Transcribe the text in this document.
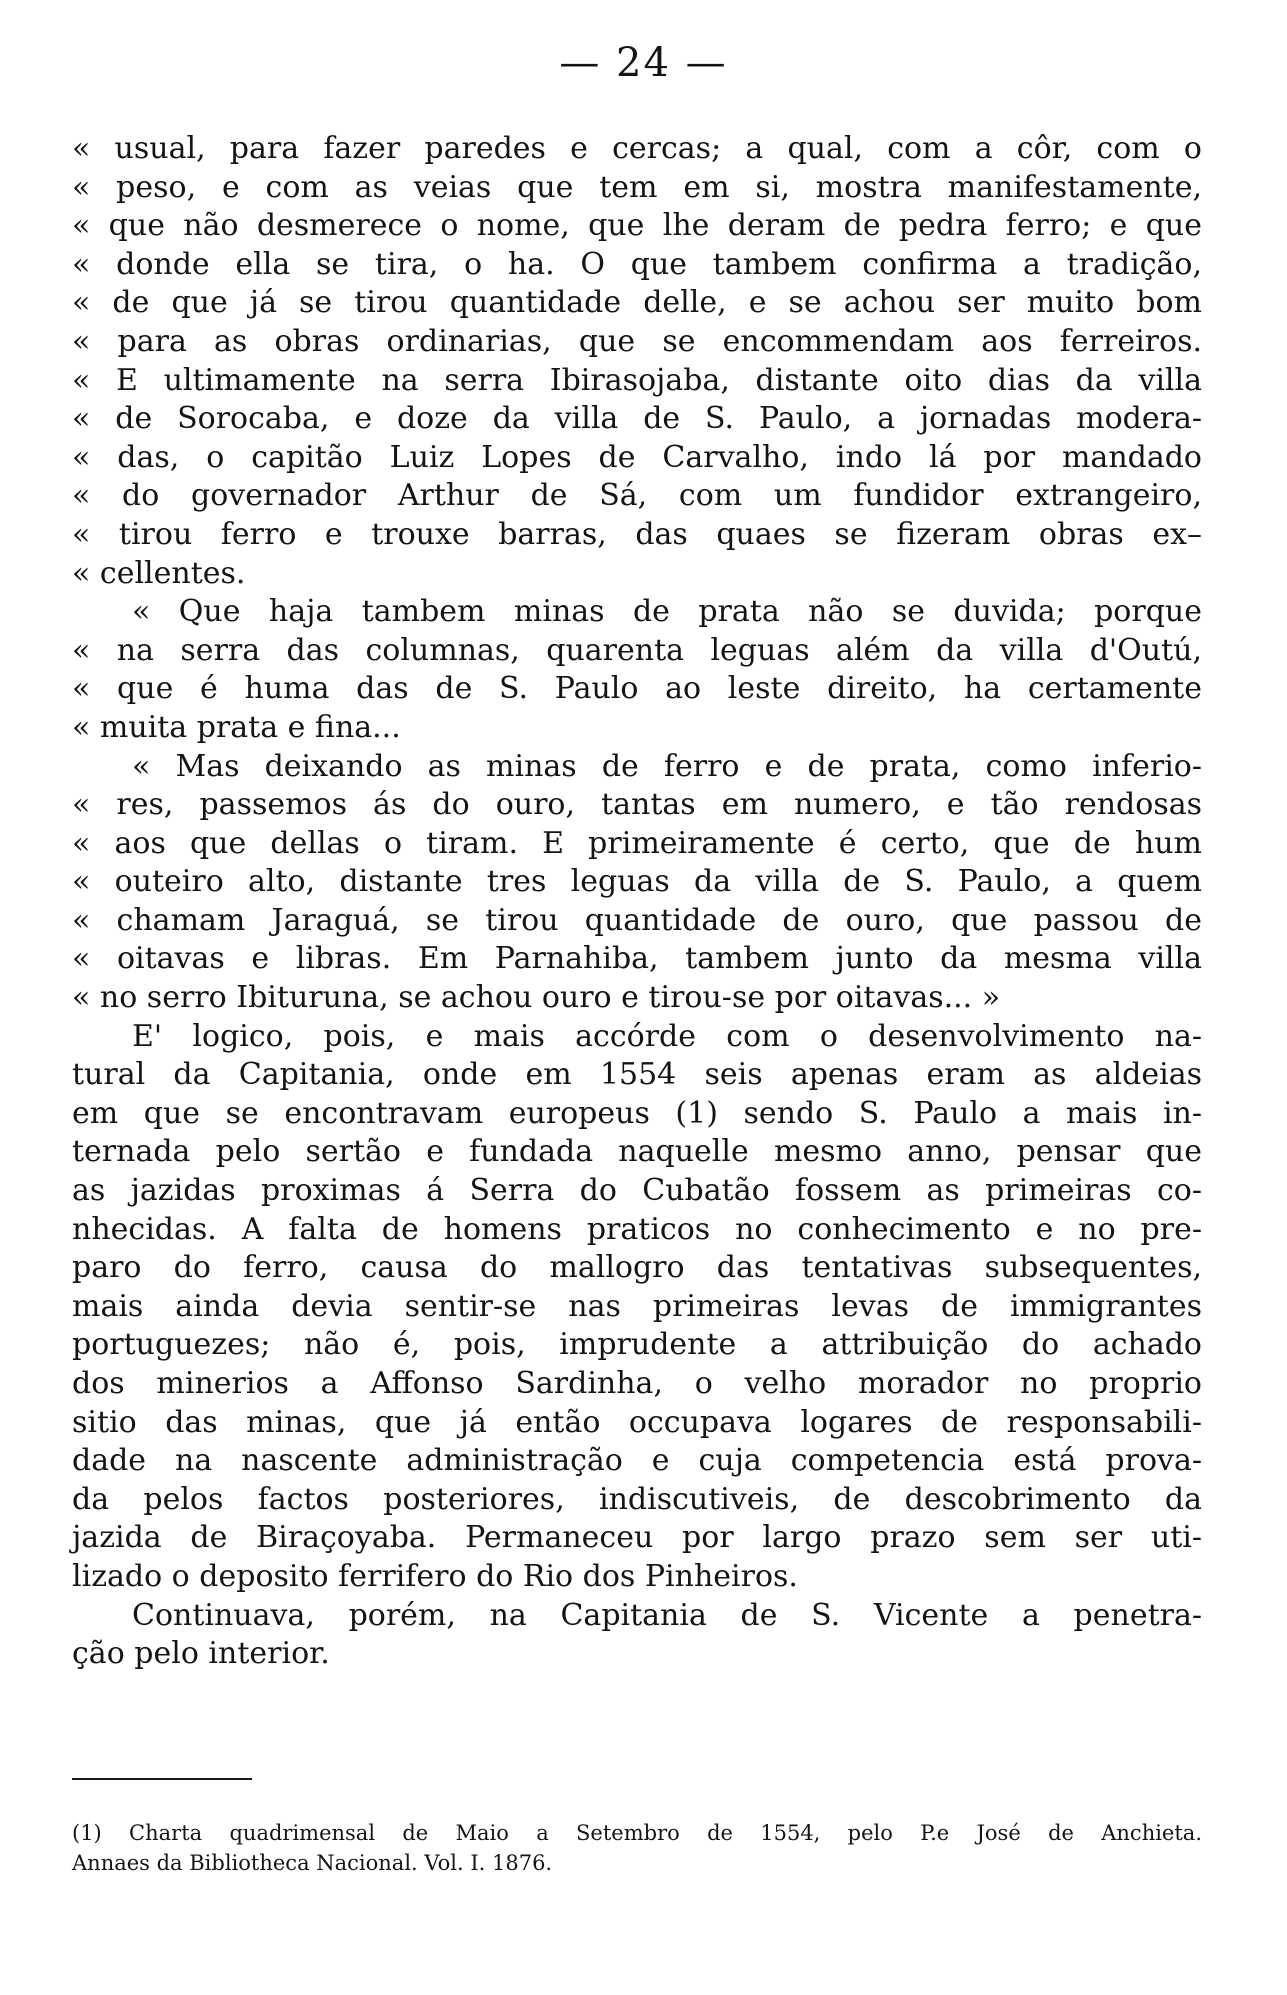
— 24 —
« usual, para fazer paredes e cercas; a qual, com a côr, com o
« peso, e com as veias que tem em si, mostra manifestamente,
« que não desmerece o nome, que lhe deram de pedra ferro; e que
« donde ella se tira, o ha. O que tambem confirma a tradição,
« de que já se tirou quantidade delle, e se achou ser muito bom
« para as obras ordinarias, que se encommendam aos ferreiros.
« E ultimamente na serra Ibirasojaba, distante oito dias da villa
« de Sorocaba, e doze da villa de S. Paulo, a jornadas modera-
« das, o capitão Luiz Lopes de Carvalho, indo lá por mandado
« do governador Arthur de Sá, com um fundidor extrangeiro,
« tirou ferro e trouxe barras, das quaes se fizeram obras ex–
« cellentes.
  « Que haja tambem minas de prata não se duvida; porque
« na serra das columnas, quarenta leguas além da villa d'Outú,
« que é huma das de S. Paulo ao leste direito, ha certamente
« muita prata e fina...
  « Mas deixando as minas de ferro e de prata, como inferio-
« res, passemos ás do ouro, tantas em numero, e tão rendosas
« aos que dellas o tiram. E primeiramente é certo, que de hum
« outeiro alto, distante tres leguas da villa de S. Paulo, a quem
« chamam Jaraguá, se tirou quantidade de ouro, que passou de
« oitavas e libras. Em Parnahiba, tambem junto da mesma villa
« no serro Ibituruna, se achou ouro e tirou-se por oitavas... »
  E' logico, pois, e mais accórde com o desenvolvimento na-
tural da Capitania, onde em 1554 seis apenas eram as aldeias
em que se encontravam europeus (1) sendo S. Paulo a mais in-
ternada pelo sertão e fundada naquelle mesmo anno, pensar que
as jazidas proximas á Serra do Cubatão fossem as primeiras co-
nhecidas. A falta de homens praticos no conhecimento e no pre-
paro do ferro, causa do mallogro das tentativas subsequentes,
mais ainda devia sentir-se nas primeiras levas de immigrantes
portuguezes; não é, pois, imprudente a attribuição do achado
dos minerios a Affonso Sardinha, o velho morador no proprio
sitio das minas, que já então occupava logares de responsabili-
dade na nascente administração e cuja competencia está prova-
da pelos factos posteriores, indiscutiveis, de descobrimento da
jazida de Biraçoyaba. Permaneceu por largo prazo sem ser uti-
lizado o deposito ferrifero do Rio dos Pinheiros.
  Continuava, porém, na Capitania de S. Vicente a penetra-
ção pelo interior.
(1) Charta quadrimensal de Maio a Setembro de 1554, pelo P.e José de Anchieta.
Annaes da Bibliotheca Nacional. Vol. I. 1876.
